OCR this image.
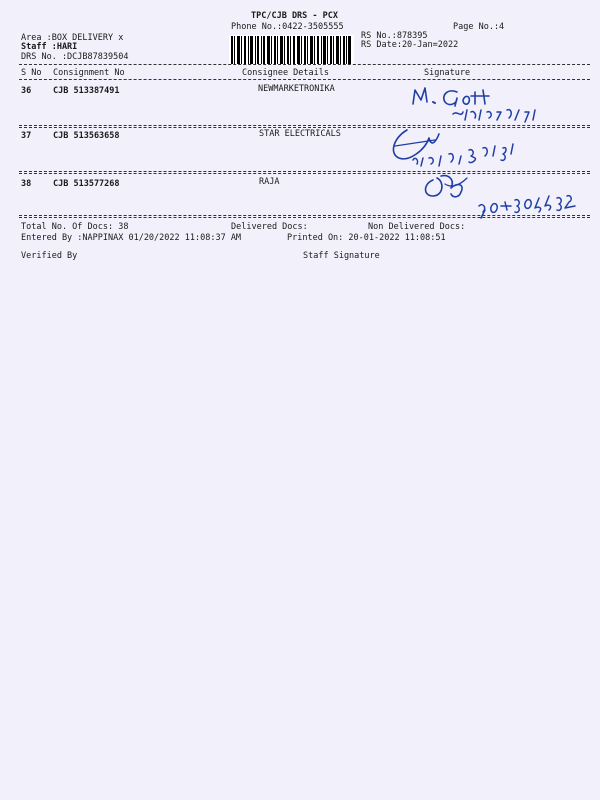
TPC/CJB DRS - PCX
Phone No.:0422-3505555	Page No.:4
Area :BOX DELIVERY x
Staff :HARI
DRS No. :DCJB87839504
RS No.:878395
RS Date:20-Jan=2022
S No Consignment No	Consignee Details	Signature
36	CJB 513387491	NEWMARKETRONIKA
37	CJB 513563658	STAR ELECTRICALS
38	CJB 513577268	RAJA
Total No. Of Docs: 38	Delivered Docs:	Non Delivered Docs:
Entered By :NAPPINAX 01/20/2022 11:08:37 AM	Printed On: 20-01-2022 11:08:51
Verified By	Staff Signature
